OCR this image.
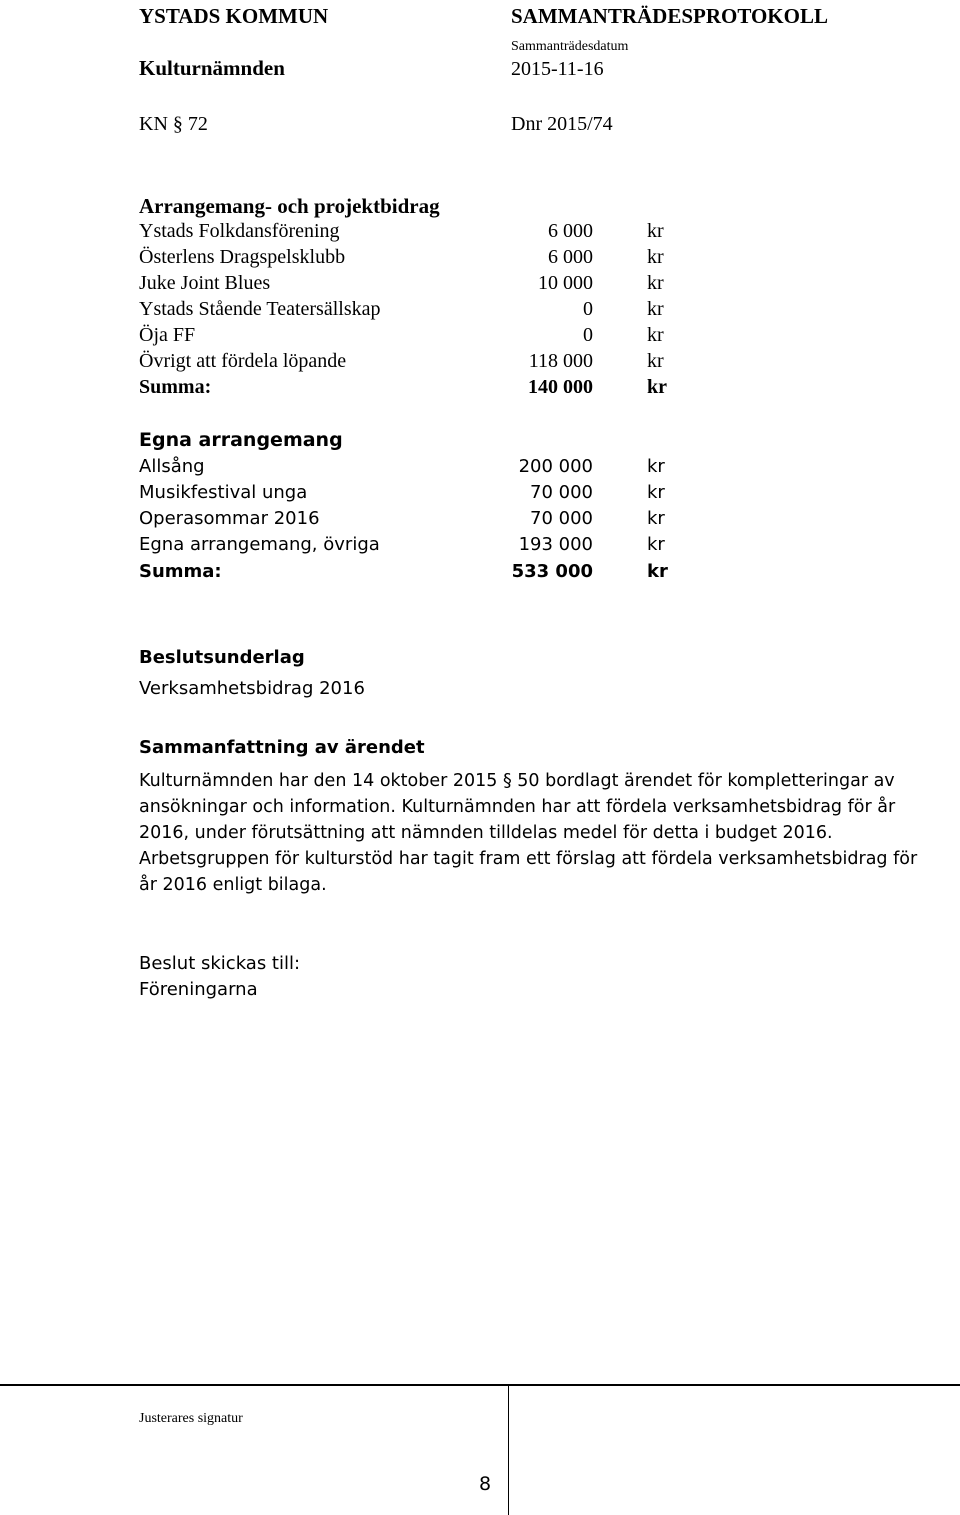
YSTADS KOMMUN	SAMMANTRÄDESPROTOKOLL
Kulturnämnden
Sammanträdesdatum
2015-11-16
KN § 72	Dnr 2015/74
Arrangemang- och projektbidrag
Ystads Folkdansförening	6 000	kr
Österlens Dragspelsklubb	6 000	kr
Juke Joint Blues	10 000	kr
Ystads Stående Teatersällskap	0	kr
Öja FF	0	kr
Övrigt att fördela löpande	118 000	kr
Summa:	140 000	kr
Egna arrangemang
Allsång	200 000	kr
Musikfestival unga	70 000	kr
Operasommar 2016	70 000	kr
Egna arrangemang, övriga	193 000	kr
Summa:	533 000	kr
Beslutsunderlag
Verksamhetsbidrag 2016
Sammanfattning av ärendet
Kulturnämnden har den 14 oktober 2015 § 50 bordlagt ärendet för kompletteringar av
ansökningar och information. Kulturnämnden har att fördela verksamhetsbidrag för år
2016, under förutsättning att nämnden tilldelas medel för detta i budget 2016.
Arbetsgruppen för kulturstöd har tagit fram ett förslag att fördela verksamhetsbidrag för
år 2016 enligt bilaga.
Beslut skickas till:
Föreningarna
Justerares signatur
8
